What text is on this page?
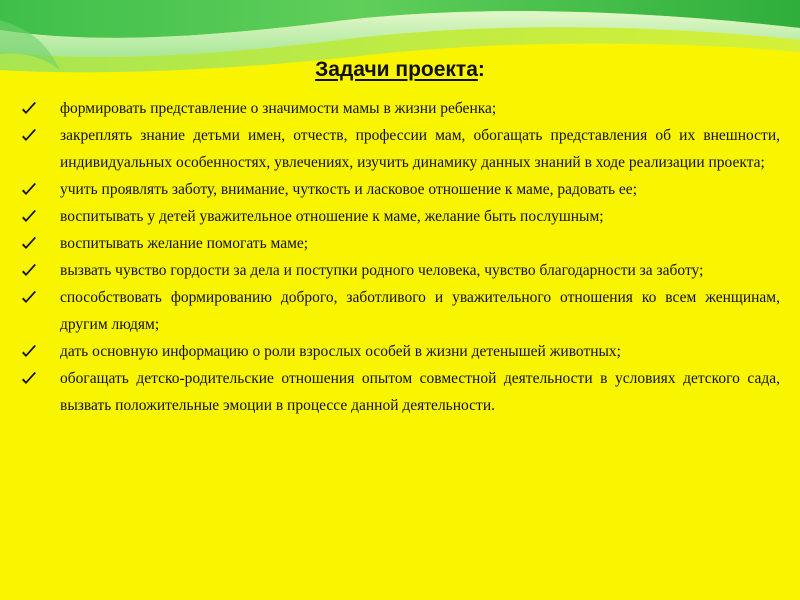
Задачи проекта:
формировать представление о значимости мамы в жизни ребенка;
закреплять знание детьми имен, отчеств, профессии мам, обогащать представления об их внешности, индивидуальных особенностях, увлечениях, изучить динамику данных знаний в ходе реализации проекта;
учить проявлять заботу, внимание, чуткость и ласковое отношение к маме, радовать ее;
воспитывать у детей уважительное отношение к маме, желание быть послушным;
воспитывать желание помогать маме;
вызвать чувство гордости за дела и поступки родного человека, чувство благодарности за заботу;
способствовать формированию доброго, заботливого и уважительного отношения ко всем женщинам, другим людям;
дать основную информацию о роли взрослых особей в жизни детенышей животных;
обогащать детско-родительские отношения опытом совместной деятельности в условиях детского сада, вызвать положительные эмоции в процессе данной деятельности.
